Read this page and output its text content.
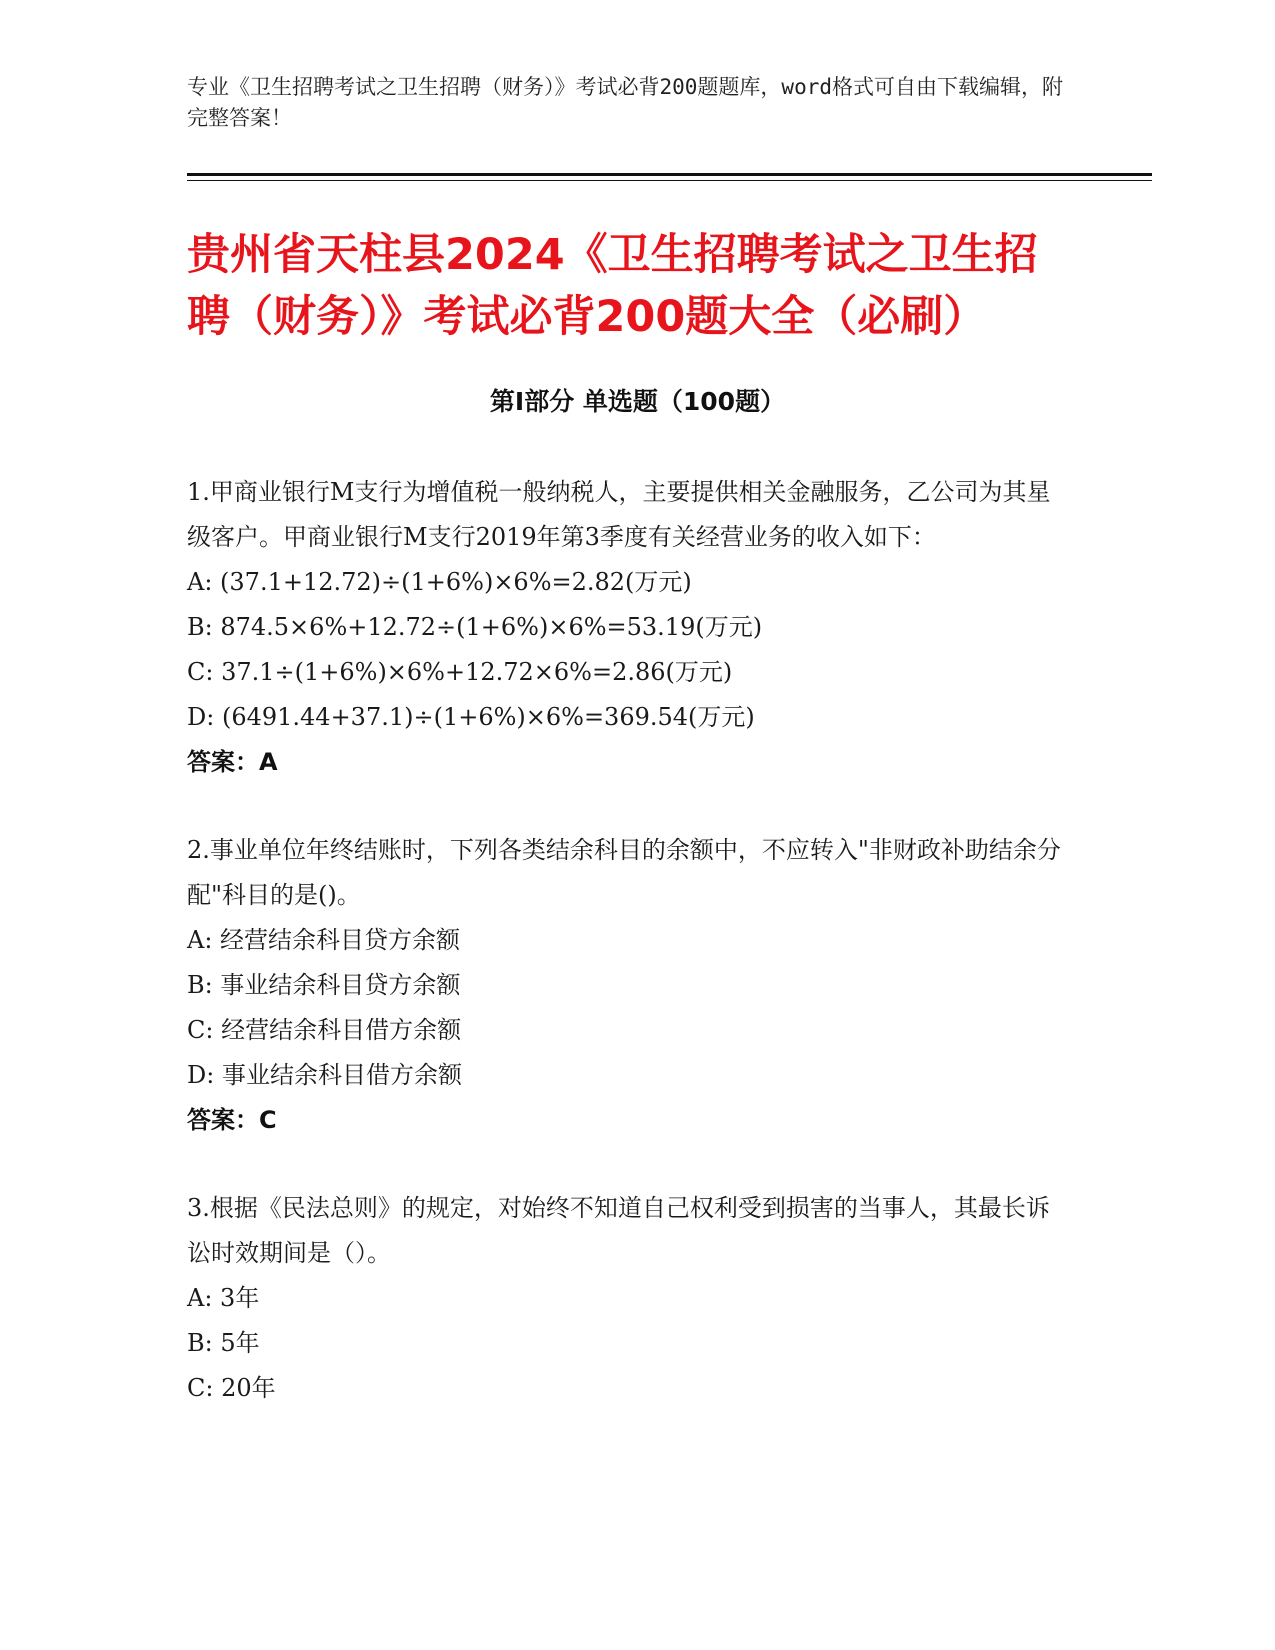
专业《卫生招聘考试之卫生招聘（财务）》考试必背200题题库，word格式可自由下载编辑，附完整答案！

贵州省天柱县2024《卫生招聘考试之卫生招
聘（财务）》考试必背200题大全（必刷）
第I部分 单选题（100题）

1.甲商业银行M支行为增值税一般纳税人，主要提供相关金融服务，乙公司为其星级客户。甲商业银行M支行2019年第3季度有关经营业务的收入如下：

A: (37.1+12.72)÷(1+6%)×6%=2.82(万元)

B: 874.5×6%+12.72÷(1+6%)×6%=53.19(万元)

C: 37.1÷(1+6%)×6%+12.72×6%=2.86(万元)

D: (6491.44+37.1)÷(1+6%)×6%=369.54(万元)

答案：A

2.事业单位年终结账时，下列各类结余科目的余额中，不应转入"非财政补助结余分配"科目的是()。

A: 经营结余科目贷方余额

B: 事业结余科目贷方余额

C: 经营结余科目借方余额

D: 事业结余科目借方余额

答案：C

3.根据《民法总则》的规定，对始终不知道自己权利受到损害的当事人，其最长诉讼时效期间是（）。

A: 3年

B: 5年

C: 20年
